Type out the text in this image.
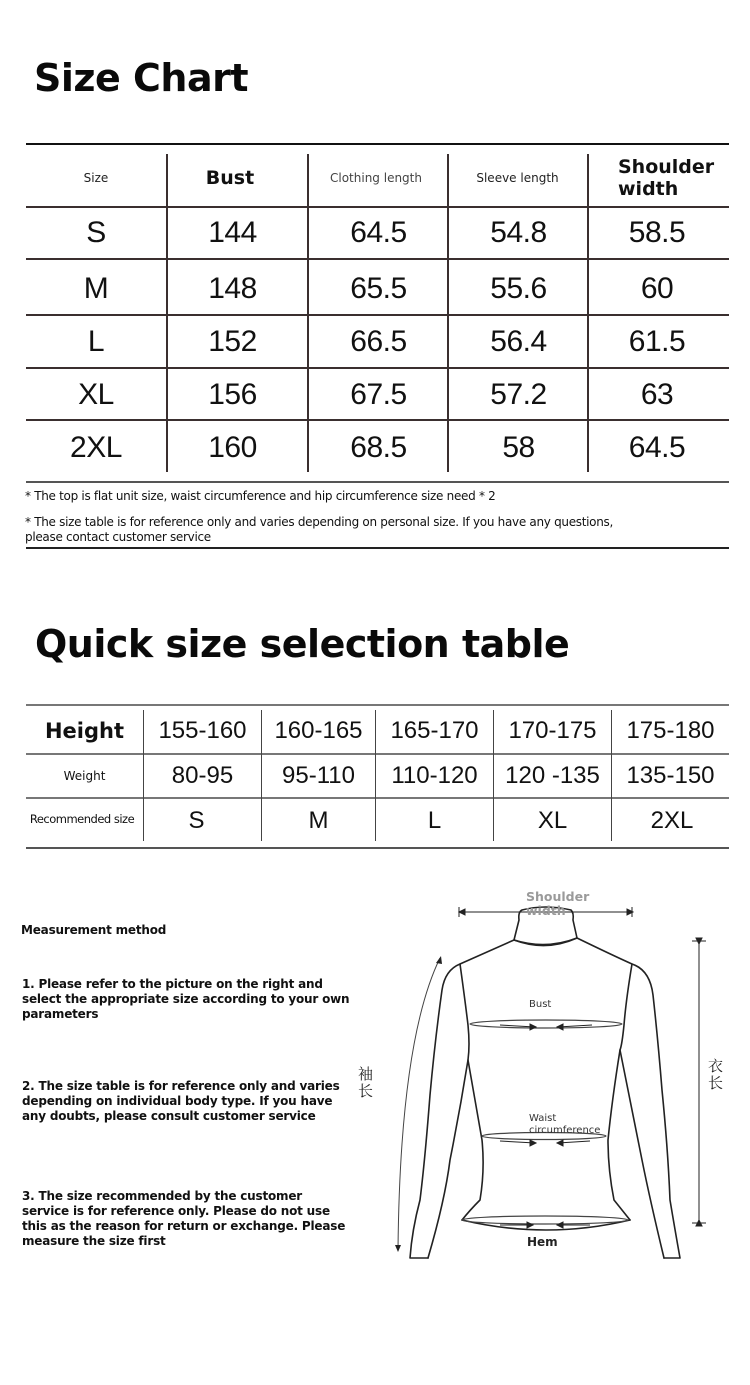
Size Chart
Size	Bust	Clothing length	Sleeve length	Shoulder width
S	144	64.5	54.8	58.5
M	148	65.5	55.6	60
L	152	66.5	56.4	61.5
XL	156	67.5	57.2	63
2XL	160	68.5	58	64.5
* The top is flat unit size, waist circumference and hip circumference size need * 2
* The size table is for reference only and varies depending on personal size. If you have any questions, please contact customer service
Quick size selection table
Height	155-160	160-165	165-170	170-175	175-180
Weight	80-95	95-110	110-120	120 -135	135-150
Recommended size	S	M	L	XL	2XL
Measurement method
1. Please refer to the picture on the right and select the appropriate size according to your own parameters
2. The size table is for reference only and varies depending on individual body type. If you have any doubts, please consult customer service
3. The size recommended by the customer service is for reference only. Please do not use this as the reason for return or exchange. Please measure the size first
Shoulder width
Bust
Waist circumference
Hem
袖长
衣长
